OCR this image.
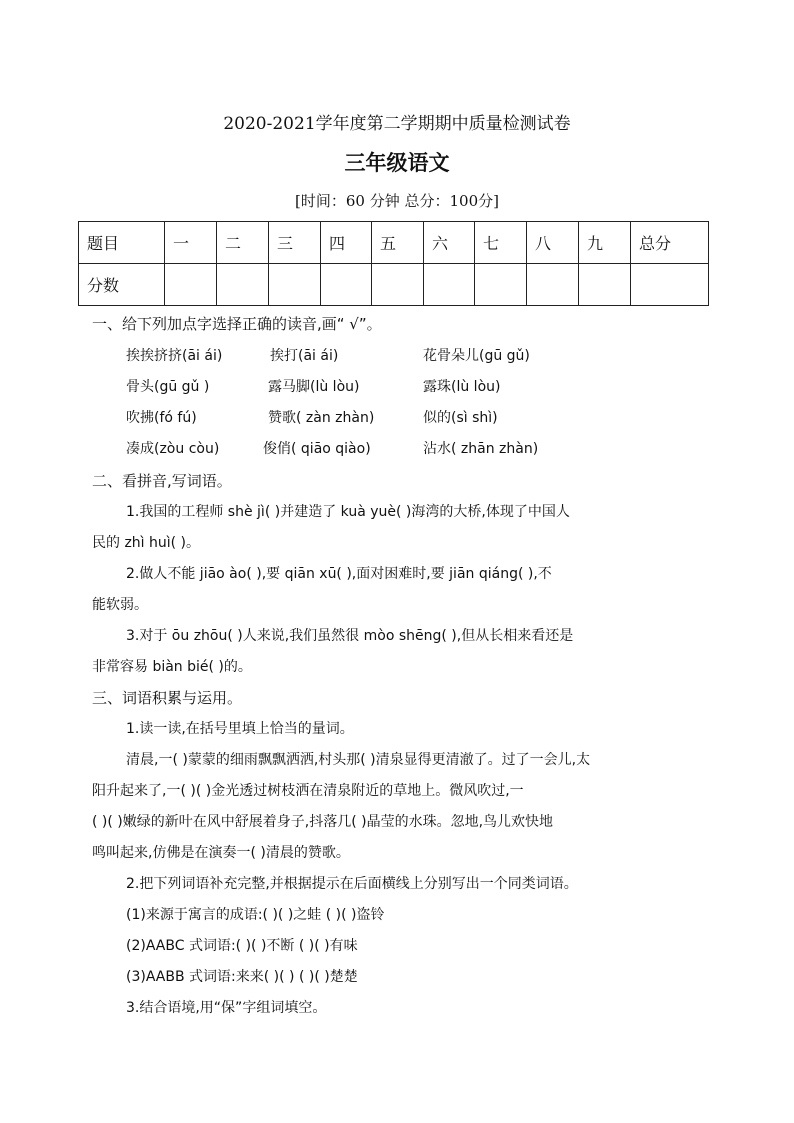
2020-2021学年度第二学期期中质量检测试卷
三年级语文
[时间：60 分钟 总分：100分]
题目	一	二	三	四	五	六	七	八	九	总分
分数										
一、给下列加点字选择正确的读音,画“ √”。
挨挨挤挤(āi ái)	挨打(āi ái)	花骨朵儿(gū gǔ)
骨头(gū gǔ )	露马脚(lù lòu)	露珠(lù lòu)
吹拂(fó fú)	赞歌( zàn zhàn)	似的(sì shì)
凑成(zòu còu)	俊俏( qiāo qiào)	沾水( zhān zhàn)
二、看拼音,写词语。
1.我国的工程师 shè jì( )并建造了 kuà yuè( )海湾的大桥,体现了中国人
民的 zhì huì( )。
2.做人不能 jiāo ào( ),要 qiān xū( ),面对困难时,要 jiān qiáng( ),不
能软弱。
3.对于 ōu zhōu( )人来说,我们虽然很 mòo shēng( ),但从长相来看还是
非常容易 biàn bié( )的。
三、词语积累与运用。
1.读一读,在括号里填上恰当的量词。
清晨,一( )蒙蒙的细雨飘飘洒洒,村头那( )清泉显得更清澈了。过了一会儿,太
阳升起来了,一( )( )金光透过树枝洒在清泉附近的草地上。微风吹过,一
( )( )嫩绿的新叶在风中舒展着身子,抖落几( )晶莹的水珠。忽地,鸟儿欢快地
鸣叫起来,仿佛是在演奏一( )清晨的赞歌。
2.把下列词语补充完整,并根据提示在后面横线上分别写出一个同类词语。
(1)来源于寓言的成语:( )( )之蛙 ( )( )盗铃
(2)AABC 式词语:( )( )不断 ( )( )有味
(3)AABB 式词语:来来( )( ) ( )( )楚楚
3.结合语境,用“保”字组词填空。
